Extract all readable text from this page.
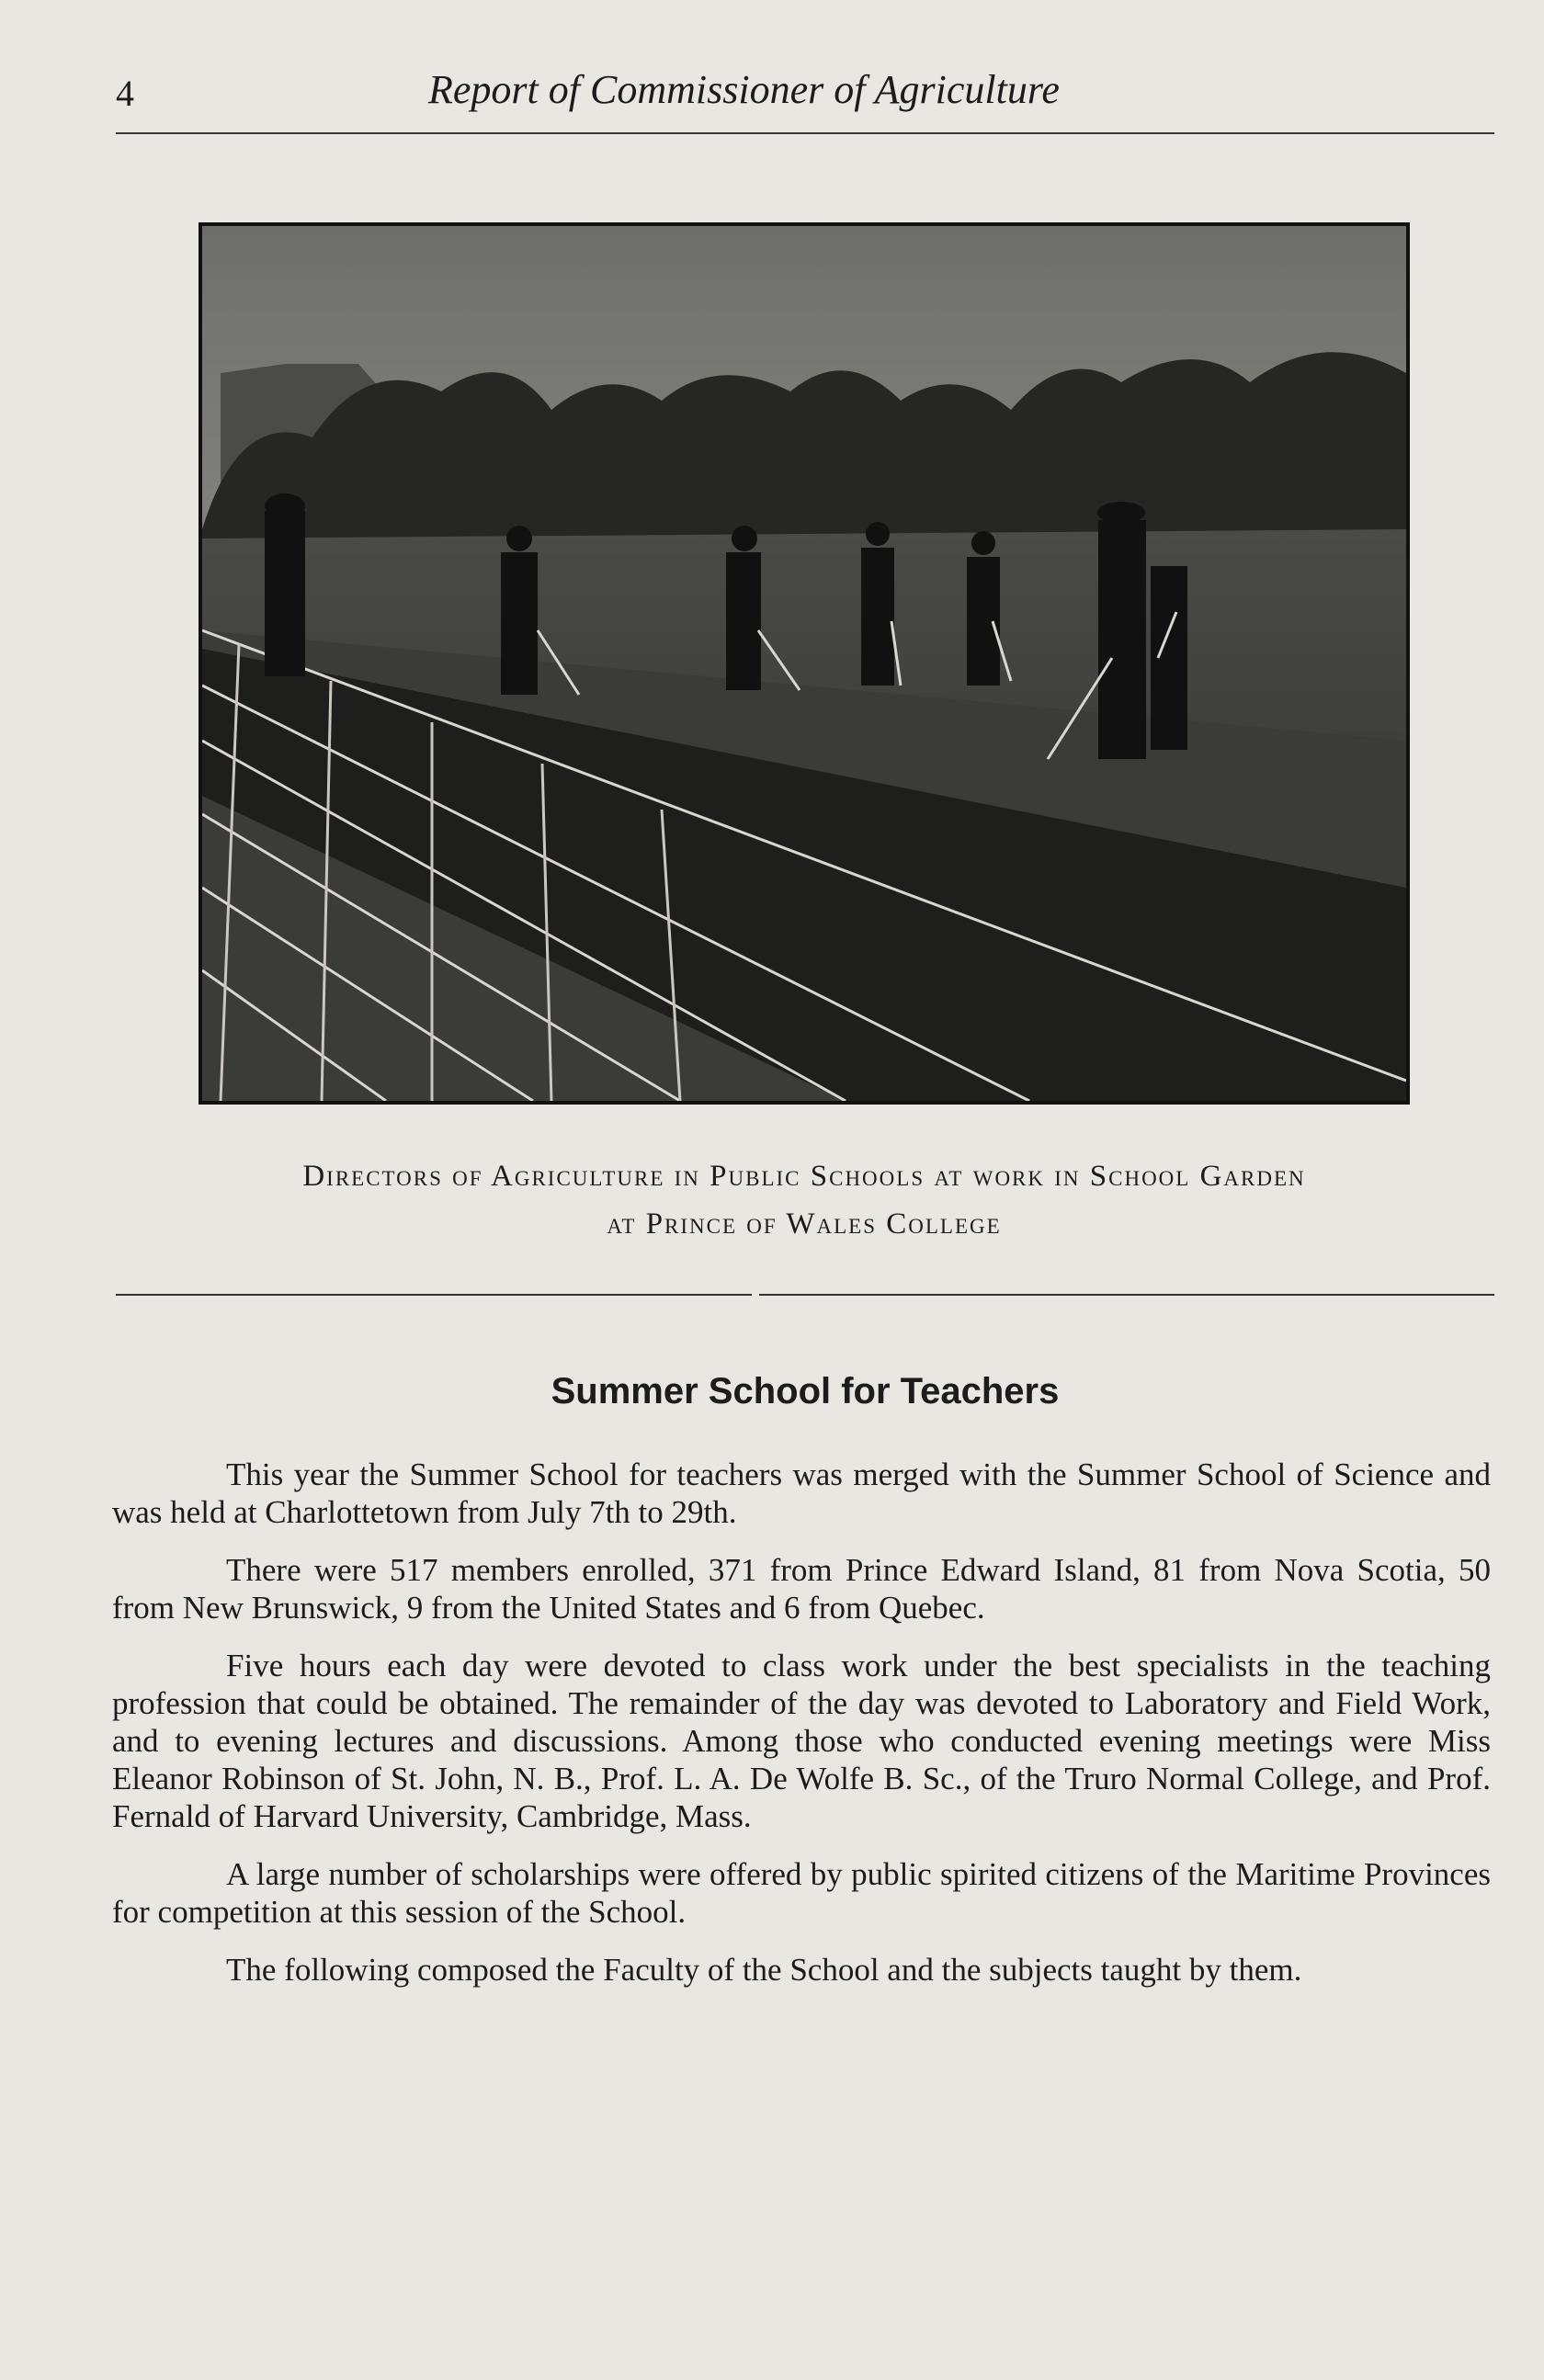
4	Report of Commissioner of Agriculture
Directors of Agriculture in Public Schools at work in School Garden
at Prince of Wales College
Summer School for Teachers

This year the Summer School for teachers was merged with the Summer School of Science and was held at Charlottetown from July 7th to 29th.

There were 517 members enrolled, 371 from Prince Edward Island, 81 from Nova Scotia, 50 from New Brunswick, 9 from the United States and 6 from Quebec.

Five hours each day were devoted to class work under the best specialists in the teaching profession that could be obtained. The remainder of the day was devoted to Laboratory and Field Work, and to evening lectures and discussions. Among those who conducted evening meetings were Miss Eleanor Robinson of St. John, N. B., Prof. L. A. De Wolfe B. Sc., of the Truro Normal College, and Prof. Fernald of Harvard University, Cambridge, Mass.

A large number of scholarships were offered by public spirited citizens of the Maritime Provinces for competition at this session of the School.

The following composed the Faculty of the School and the subjects taught by them.
